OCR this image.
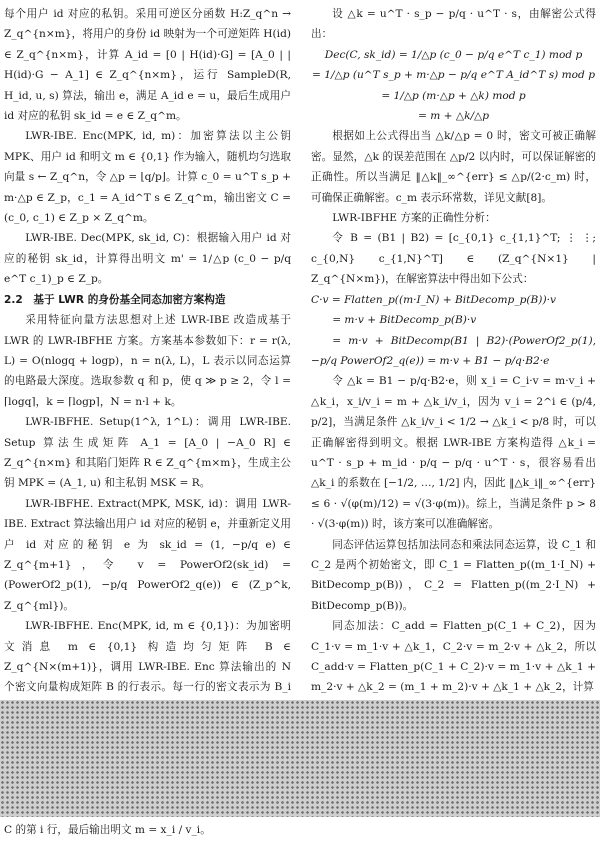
每个用户 id 对应的私钥。采用可逆区分函数 H:Z_q^n → Z_q^{n×m}，将用户的身份 id 映射为一个可逆矩阵 H(id) ∈ Z_q^{n×m}，计算 A_id = [0 | H(id)·G] = [A_0 | | H(id)·G − A_1] ∈ Z_q^{n×m}，运行 SampleD(R, H_id, u, s) 算法，输出 e，满足 A_id e = u，最后生成用户 id 对应的私钥 sk_id = e ∈ Z_q^m。

LWR-IBE. Enc(MPK, id, m)：加密算法以主公钥 MPK、用户 id 和明文 m ∈ {0,1} 作为输入，随机均匀选取向量 s ← Z_q^n，令 △p = ⌊q/p⌋。计算 c_0 = u^T s_p + m·△p ∈ Z_p，c_1 = A_id^T s ∈ Z_q^m，输出密文 C = (c_0, c_1) ∈ Z_p × Z_q^m。

LWR-IBE. Dec(MPK, sk_id, C)：根据输入用户 id 对应的秘钥 sk_id，计算得出明文 m' = 1/△p (c_0 − p/q e^T c_1)_p ∈ Z_p。

2.2　基于 LWR 的身份基全同态加密方案构造

采用特征向量方法思想对上述 LWR-IBE 改造成基于 LWR 的 LWR-IBFHE 方案。方案基本参数如下：r = r(λ, L) = O(nlogq + logp)，n = n(λ, L)，L 表示以同态运算的电路最大深度。选取参数 q 和 p，使 q ≫ p ≥ 2，令 l = ⌈logq⌉，k = ⌈logp⌉，N = n·l + k。

LWR-IBFHE. Setup(1^λ, 1^L)：调用 LWR-IBE. Setup 算法生成矩阵 A_1 = [A_0 | −A_0 R] ∈ Z_q^{n×m} 和其陷门矩阵 R ∈ Z_q^{m×m}，生成主公钥 MPK = (A_1, u) 和主私钥 MSK = R。

LWR-IBFHE. Extract(MPK, MSK, id)：调用 LWR-IBE. Extract 算法输出用户 id 对应的秘钥 e，并重新定义用户 id 对应的秘钥 e 为 sk_id = (1, −p/q e) ∈ Z_q^{m+1}，令 v = PowerOf2(sk_id) = (PowerOf2_p(1), −p/q PowerOf2_q(e)) ∈ (Z_p^k, Z_q^{ml})。

LWR-IBFHE. Enc(MPK, id, m ∈ {0,1})：为加密明文消息 m ∈ {0,1} 构造均匀矩阵 B ∈ Z_q^{N×(m+1)}，调用 LWR-IBE. Enc 算法输出的 N 个密文向量构成矩阵 B 的行表示。每一行的密文表示为 B_i

C 的第 i 行，最后输出明文 m = x_i / v_i。

设 △k = u^T · s_p − p/q · u^T · s，由解密公式得出：

Dec(C, sk_id) = 1/△p (c_0 − p/q e^T c_1) mod p

= 1/△p (u^T s_p + m·△p − p/q e^T A_id^T s) mod p

= 1/△p (m·△p + △k) mod p

= m + △k/△p

根据如上公式得出当 △k/△p = 0 时，密文可被正确解密。显然，△k 的误差范围在 △p/2 以内时，可以保证解密的正确性。所以当满足 ‖△k‖_∞^{err} ≤ △p/(2·c_m) 时，可确保正确解密。c_m 表示环常数，详见文献[8]。

LWR-IBFHE 方案的正确性分析：

令 B = (B1 | B2) = [c_{0,1} c_{1,1}^T; ⋮ ⋮; c_{0,N} c_{1,N}^T] ∈ (Z_q^{N×1} | Z_q^{N×m})，在解密算法中得出如下公式：

C·v = Flatten_p((m·I_N) + BitDecomp_p(B))·v

= m·v + BitDecomp_p(B)·v

= m·v + BitDecomp(B1 | B2)·(PowerOf2_p(1), −p/q PowerOf2_q(e)) = m·v + B1 − p/q·B2·e

令 △k = B1 − p/q·B2·e，则 x_i = C_i·v = m·v_i + △k_i，x_i/v_i = m + △k_i/v_i，因为 v_i = 2^i ∈ (p/4, p/2]，当满足条件 △k_i/v_i < 1/2 → △k_i < p/8 时，可以正确解密得到明文。根据 LWR-IBE 方案构造得 △k_i = u^T · s_p + m_id · p/q − p/q · u^T · s，很容易看出 △k_i 的系数在 [−1/2, …, 1/2] 内，因此 ‖△k_i‖_∞^{err} ≤ 6 · √(φ(m)/12) = √(3·φ(m))。综上，当满足条件 p > 8 · √(3·φ(m)) 时，该方案可以准确解密。

同态评估运算包括加法同态和乘法同态运算，设 C_1 和 C_2 是两个初始密文，即 C_1 = Flatten_p((m_1·I_N) + BitDecomp_p(B))，C_2 = Flatten_p((m_2·I_N) + BitDecomp_p(B))。

同态加法：C_add = Flatten_p(C_1 + C_2)，因为 C_1·v = m_1·v + △k_1，C_2·v = m_2·v + △k_2，所以 C_add·v = Flatten_p(C_1 + C_2)·v = m_1·v + △k_1 + m_2·v + △k_2 = (m_1 + m_2)·v + △k_1 + △k_2，计算
